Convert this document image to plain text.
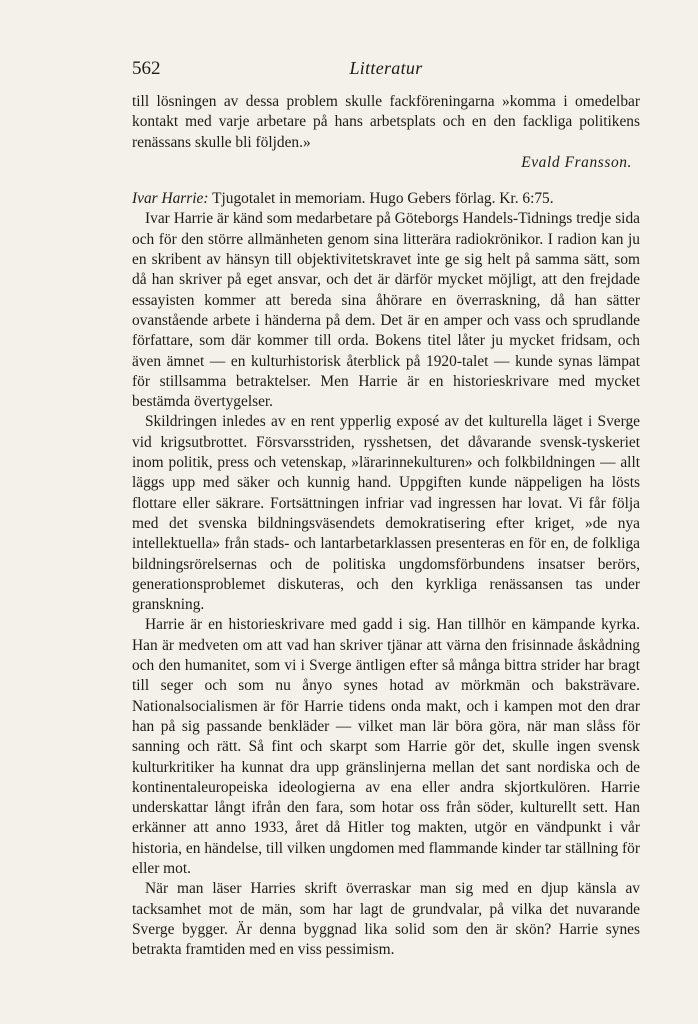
562	Litteratur

till lösningen av dessa problem skulle fackföreningarna »komma i omedelbar kontakt med varje arbetare på hans arbetsplats och en den fackliga politikens renässans skulle bli följden.»

Evald Fransson.

Ivar Harrie: Tjugotalet in memoriam. Hugo Gebers förlag. Kr. 6:75.

Ivar Harrie är känd som medarbetare på Göteborgs Handels-Tidnings tredje sida och för den större allmänheten genom sina litterära radiokrönikor. I radion kan ju en skribent av hänsyn till objektivitetskravet inte ge sig helt på samma sätt, som då han skriver på eget ansvar, och det är därför mycket möjligt, att den frejdade essayisten kommer att bereda sina åhörare en överraskning, då han sätter ovanstående arbete i händerna på dem. Det är en amper och vass och sprudlande författare, som där kommer till orda. Bokens titel låter ju mycket fridsam, och även ämnet — en kulturhistorisk återblick på 1920-talet — kunde synas lämpat för stillsamma betraktelser. Men Harrie är en historieskrivare med mycket bestämda övertygelser.

Skildringen inledes av en rent ypperlig exposé av det kulturella läget i Sverge vid krigsutbrottet. Försvarsstriden, rysshetsen, det dåvarande svensk-tyskeriet inom politik, press och vetenskap, »lärarinnekulturen» och folkbildningen — allt läggs upp med säker och kunnig hand. Uppgiften kunde näppeligen ha lösts flottare eller säkrare. Fortsättningen infriar vad ingressen har lovat. Vi får följa med det svenska bildningsväsendets demokratisering efter kriget, »de nya intellektuella» från stads- och lantarbetarklassen presenteras en för en, de folkliga bildningsrörelsernas och de politiska ungdomsförbundens insatser berörs, generationsproblemet diskuteras, och den kyrkliga renässansen tas under granskning.

Harrie är en historieskrivare med gadd i sig. Han tillhör en kämpande kyrka. Han är medveten om att vad han skriver tjänar att värna den frisinnade åskådning och den humanitet, som vi i Sverge äntligen efter så många bittra strider har bragt till seger och som nu ånyo synes hotad av mörkmän och baksträvare. Nationalsocialismen är för Harrie tidens onda makt, och i kampen mot den drar han på sig passande benkläder — vilket man lär böra göra, när man slåss för sanning och rätt. Så fint och skarpt som Harrie gör det, skulle ingen svensk kulturkritiker ha kunnat dra upp gränslinjerna mellan det sant nordiska och de kontinentaleuropeiska ideologierna av ena eller andra skjortkulören. Harrie underskattar långt ifrån den fara, som hotar oss från söder, kulturellt sett. Han erkänner att anno 1933, året då Hitler tog makten, utgör en vändpunkt i vår historia, en händelse, till vilken ungdomen med flammande kinder tar ställning för eller mot.

När man läser Harries skrift överraskar man sig med en djup känsla av tacksamhet mot de män, som har lagt de grundvalar, på vilka det nuvarande Sverge bygger. Är denna byggnad lika solid som den är skön? Harrie synes betrakta framtiden med en viss pessimism.
